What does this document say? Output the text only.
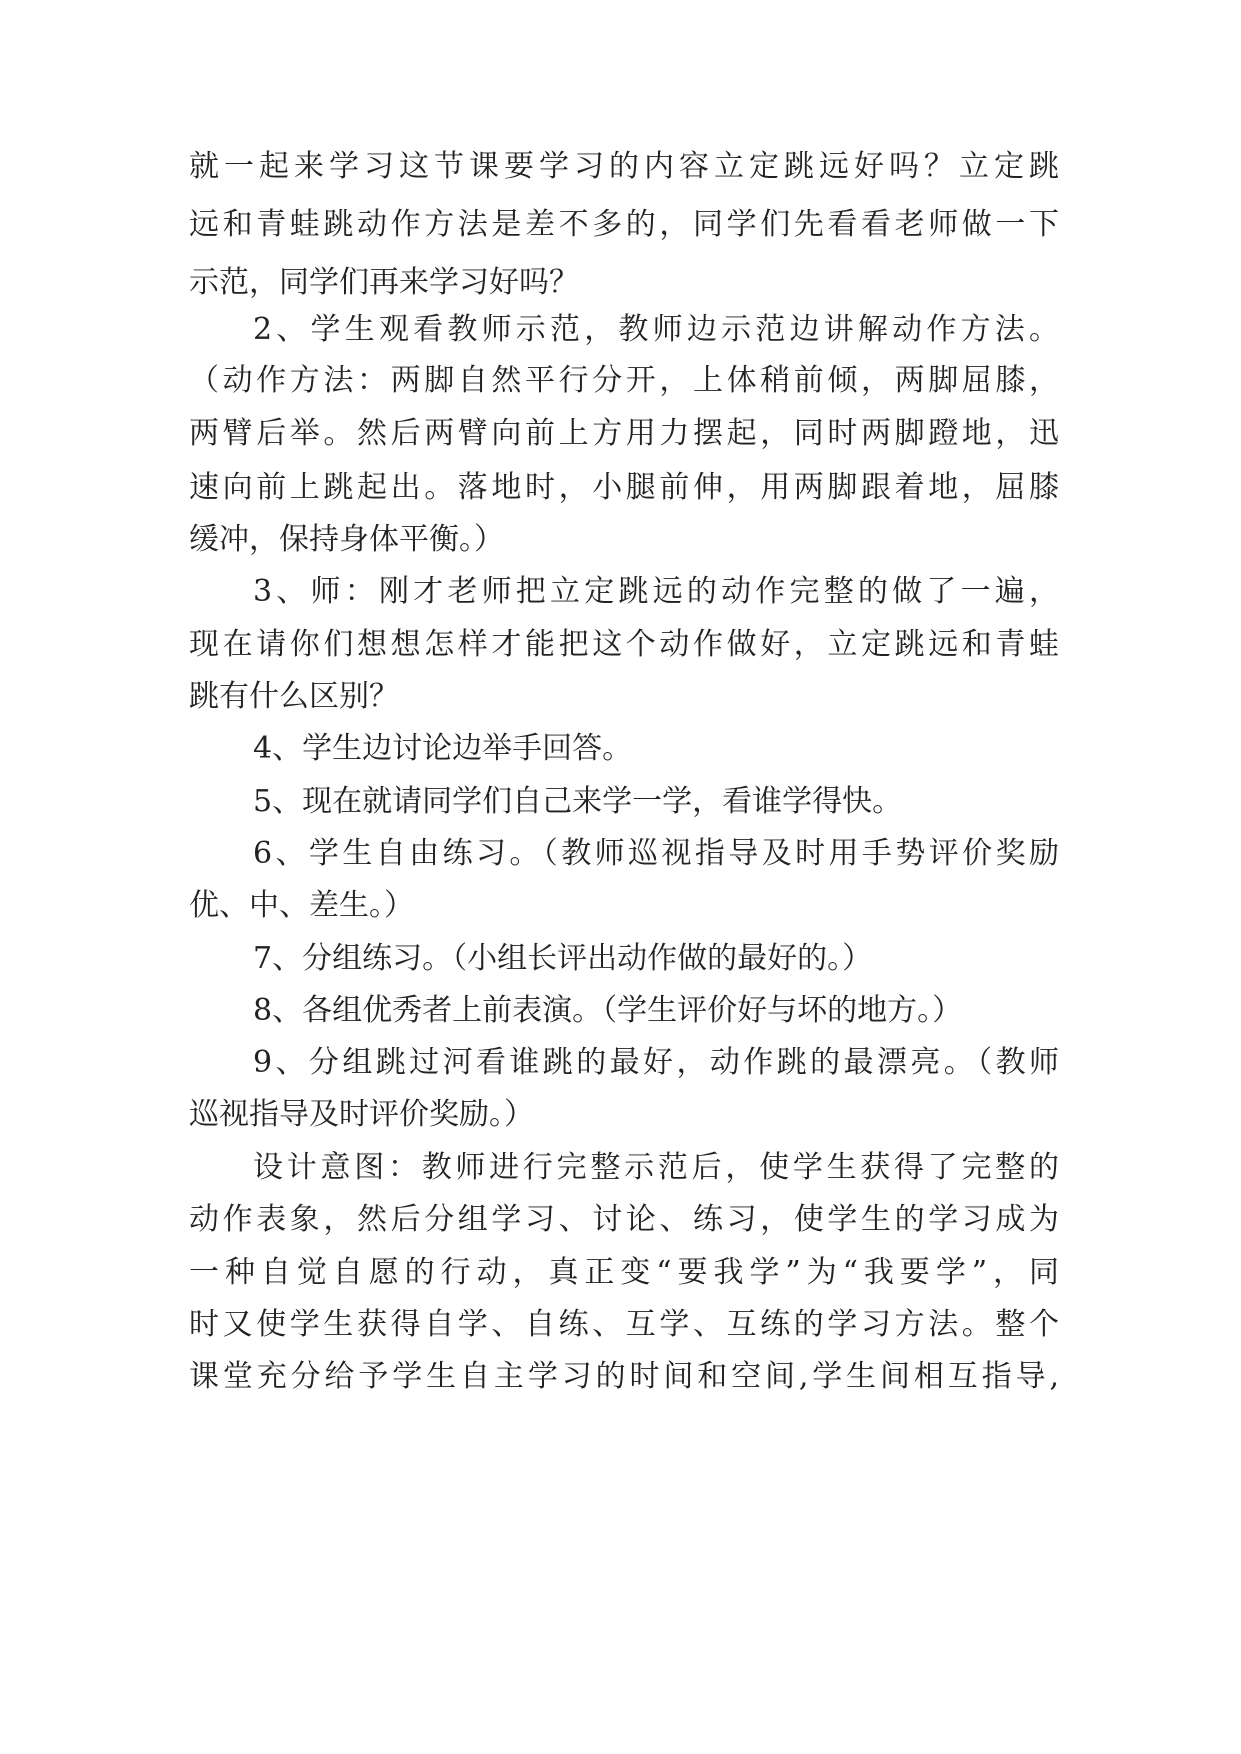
就一起来学习这节课要学习的内容立定跳远好吗？立定跳
远和青蛙跳动作方法是差不多的，同学们先看看老师做一下
示范，同学们再来学习好吗？
2、学生观看教师示范，教师边示范边讲解动作方法。
（动作方法：两脚自然平行分开，上体稍前倾，两脚屈膝，
两臂后举。然后两臂向前上方用力摆起，同时两脚蹬地，迅
速向前上跳起出。落地时，小腿前伸，用两脚跟着地，屈膝
缓冲，保持身体平衡。）
3、师：刚才老师把立定跳远的动作完整的做了一遍，
现在请你们想想怎样才能把这个动作做好，立定跳远和青蛙
跳有什么区别？
4、学生边讨论边举手回答。
5、现在就请同学们自己来学一学，看谁学得快。
6、学生自由练习。（教师巡视指导及时用手势评价奖励
优、中、差生。）
7、分组练习。（小组长评出动作做的最好的。）
8、各组优秀者上前表演。（学生评价好与坏的地方。）
9、分组跳过河看谁跳的最好，动作跳的最漂亮。（教师
巡视指导及时评价奖励。）
设计意图：教师进行完整示范后，使学生获得了完整的
动作表象，然后分组学习、讨论、练习，使学生的学习成为
一种自觉自愿的行动，真正变“要我学”为“我要学”，同
时又使学生获得自学、自练、互学、互练的学习方法。整个
课堂充分给予学生自主学习的时间和空间,学生间相互指导,
